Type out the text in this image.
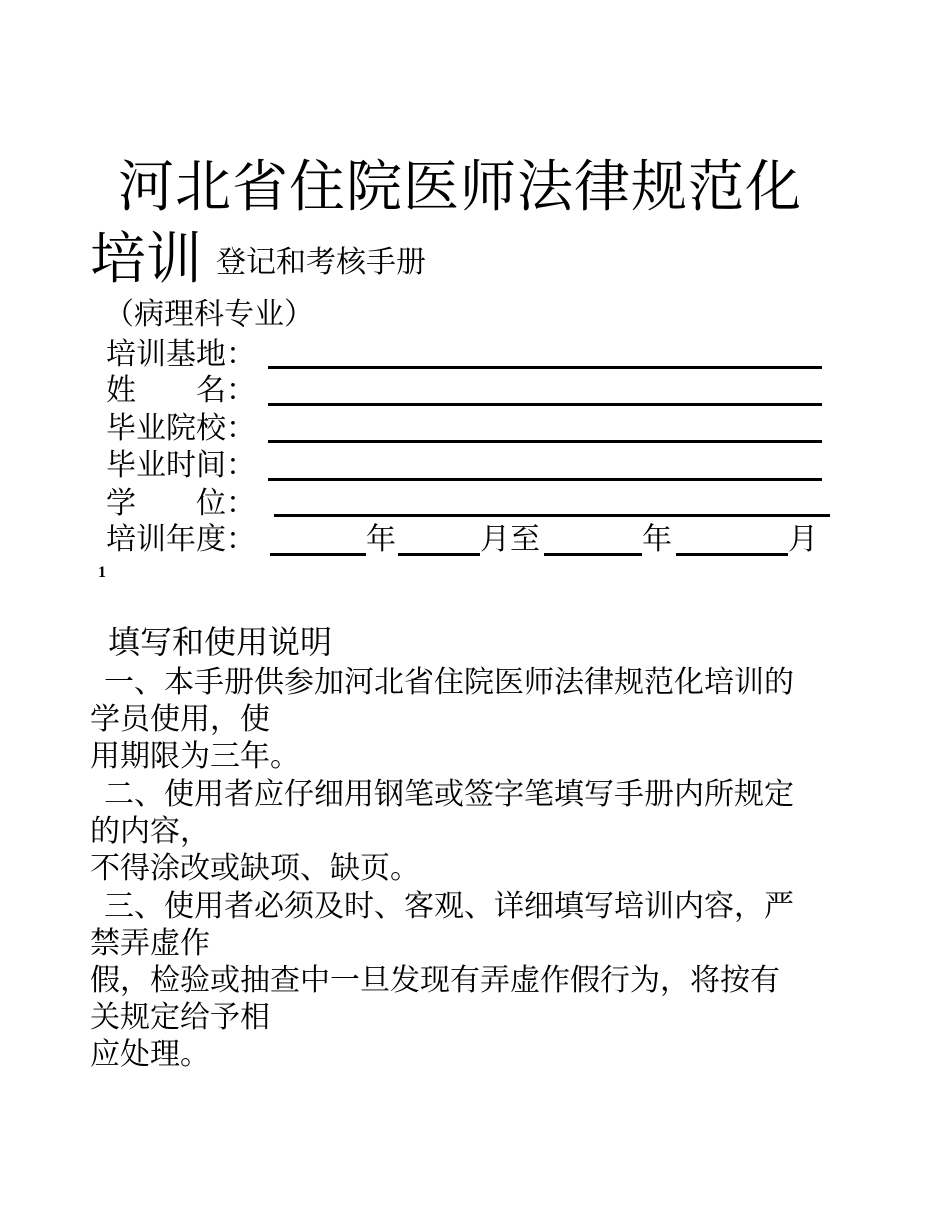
河北省住院医师法律规范化
培训 登记和考核手册
（病理科专业）
培训基地：
姓　　名：
毕业院校：
毕业时间：
学　　位：
培训年度：	年	月至	年	月
1
填写和使用说明
一、本手册供参加河北省住院医师法律规范化培训的
学员使用，使
用期限为三年。
二、使用者应仔细用钢笔或签字笔填写手册内所规定
的内容，
不得涂改或缺项、缺页。
三、使用者必须及时、客观、详细填写培训内容，严
禁弄虚作
假，检验或抽查中一旦发现有弄虚作假行为，将按有
关规定给予相
应处理。
